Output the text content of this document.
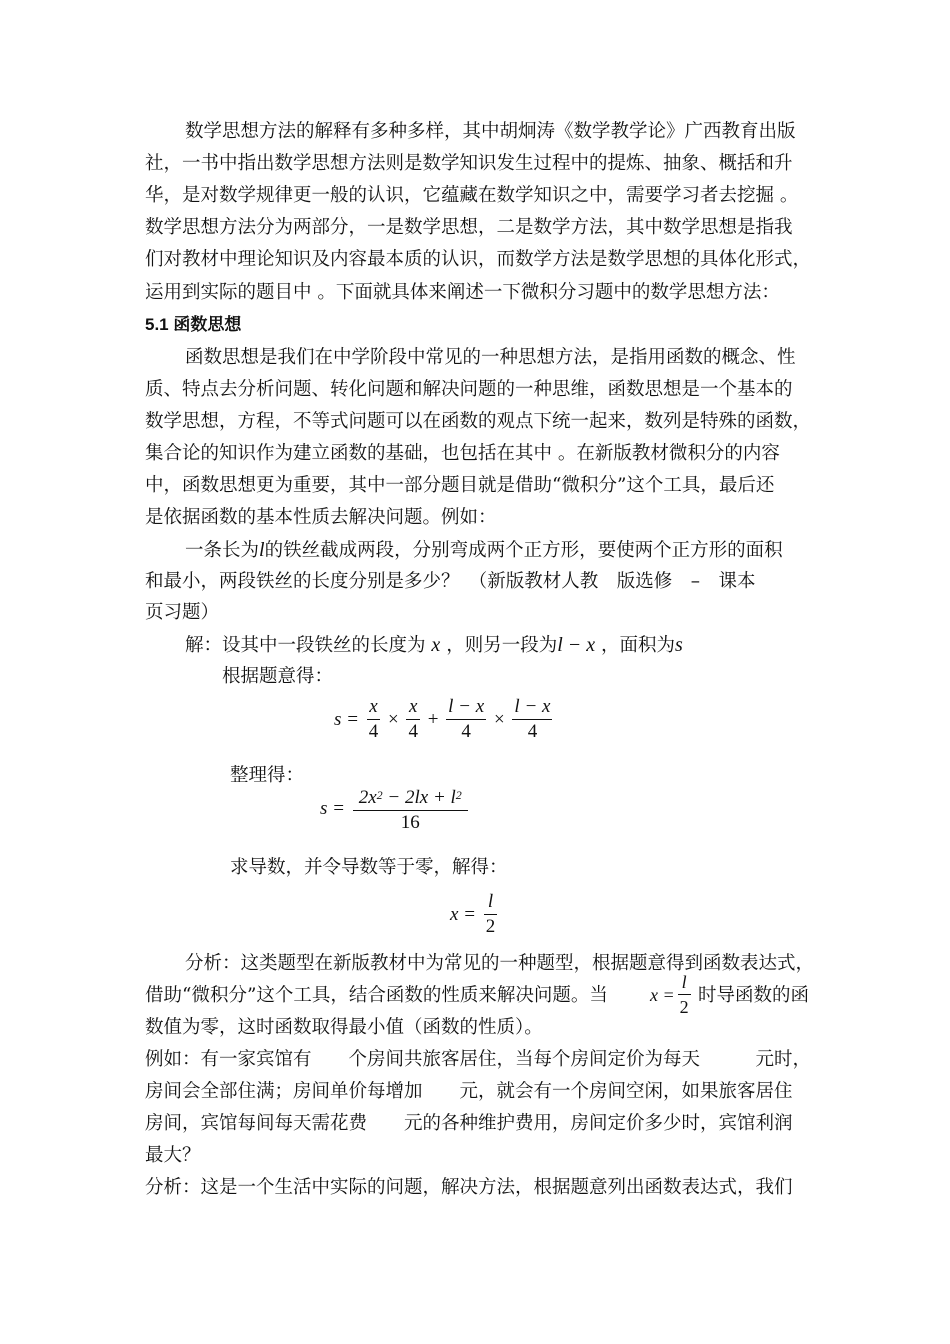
数学思想方法的解释有多种多样，其中胡炯涛《数学教学论》广西教育出版
社，一书中指出数学思想方法则是数学知识发生过程中的提炼、抽象、概括和升
华，是对数学规律更一般的认识，它蕴藏在数学知识之中，需要学习者去挖掘 。
数学思想方法分为两部分，一是数学思想，二是数学方法，其中数学思想是指我
们对教材中理论知识及内容最本质的认识，而数学方法是数学思想的具体化形式，
运用到实际的题目中 。下面就具体来阐述一下微积分习题中的数学思想方法：
5.1 函数思想
函数思想是我们在中学阶段中常见的一种思想方法，是指用函数的概念、性
质、特点去分析问题、转化问题和解决问题的一种思维，函数思想是一个基本的
数学思想，方程，不等式问题可以在函数的观点下统一起来，数列是特殊的函数，
集合论的知识作为建立函数的基础，也包括在其中 。在新版教材微积分的内容
中，函数思想更为重要，其中一部分题目就是借助“微积分”这个工具，最后还
是依据函数的基本性质去解决问题。例如：
一条长为l的铁丝截成两段，分别弯成两个正方形，要使两个正方形的面积
和最小，两段铁丝的长度分别是多少？　（新版教材人教　版选修　–　课本
页习题）
解：设其中一段铁丝的长度为 x ，则另一段为l − x ，面积为s
根据题意得：
$s = \frac{x}{4} \times \frac{x}{4} + \frac{l - x}{4} \times \frac{l - x}{4}$
整理得：
$s = \frac{2x^2 - 2lx + l^2}{16}$
求导数，并令导数等于零，解得：
$x = \frac{l}{2}$
分析：这类题型在新版教材中为常见的一种题型，根据题意得到函数表达式，
借助“微积分”这个工具，结合函数的性质来解决问题。当 $x = \frac{l}{2}$ 时导函数的函
数值为零，这时函数取得最小值（函数的性质）。
例如：有一家宾馆有　　个房间共旅客居住，当每个房间定价为每天　　　元时，
房间会全部住满；房间单价每增加　　元，就会有一个房间空闲，如果旅客居住
房间，宾馆每间每天需花费　　元的各种维护费用，房间定价多少时，宾馆利润
最大？
分析：这是一个生活中实际的问题，解决方法，根据题意列出函数表达式，我们
